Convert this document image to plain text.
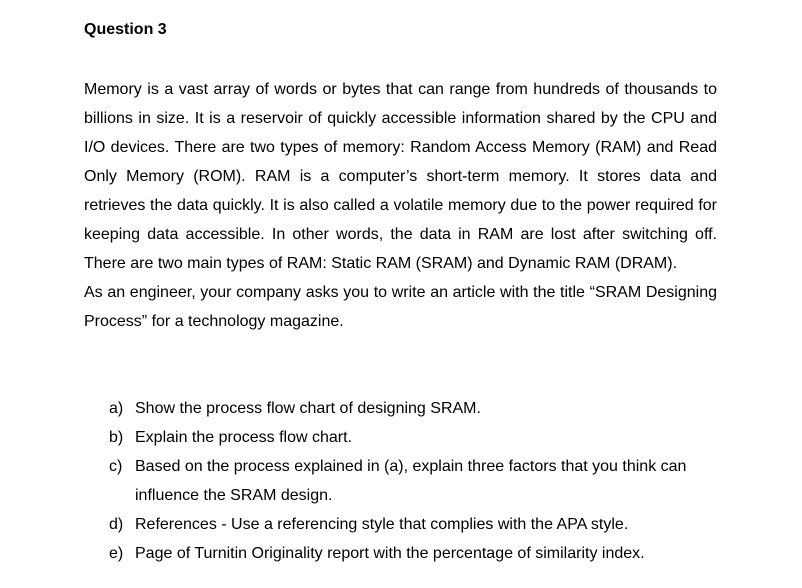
Question 3

Memory is a vast array of words or bytes that can range from hundreds of thousands to billions in size. It is a reservoir of quickly accessible information shared by the CPU and I/O devices. There are two types of memory: Random Access Memory (RAM) and Read Only Memory (ROM). RAM is a computer’s short-term memory. It stores data and retrieves the data quickly. It is also called a volatile memory due to the power required for keeping data accessible. In other words, the data in RAM are lost after switching off. There are two main types of RAM: Static RAM (SRAM) and Dynamic RAM (DRAM).

As an engineer, your company asks you to write an article with the title “SRAM Designing Process” for a technology magazine.

a) Show the process flow chart of designing SRAM.
b) Explain the process flow chart.
c) Based on the process explained in (a), explain three factors that you think can influence the SRAM design.
d) References - Use a referencing style that complies with the APA style.
e) Page of Turnitin Originality report with the percentage of similarity index.
